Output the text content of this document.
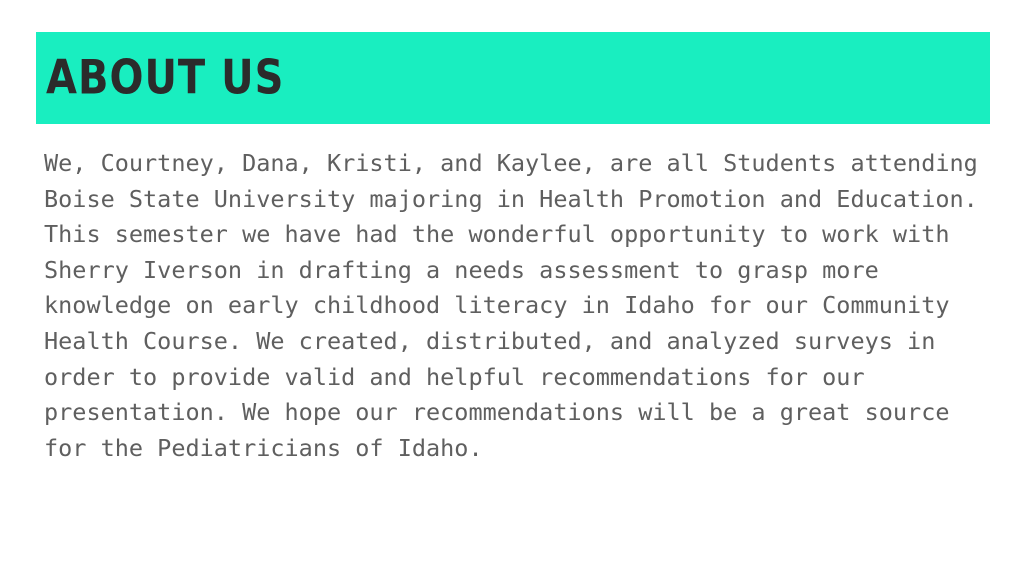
ABOUT US
We, Courtney, Dana, Kristi, and Kaylee, are all Students attending Boise State University majoring in Health Promotion and Education. This semester we have had the wonderful opportunity to work with Sherry Iverson in drafting a needs assessment to grasp more knowledge on early childhood literacy in Idaho for our Community Health Course. We created, distributed, and analyzed surveys in order to provide valid and helpful recommendations for our presentation. We hope our recommendations will be a great source for the Pediatricians of Idaho.
